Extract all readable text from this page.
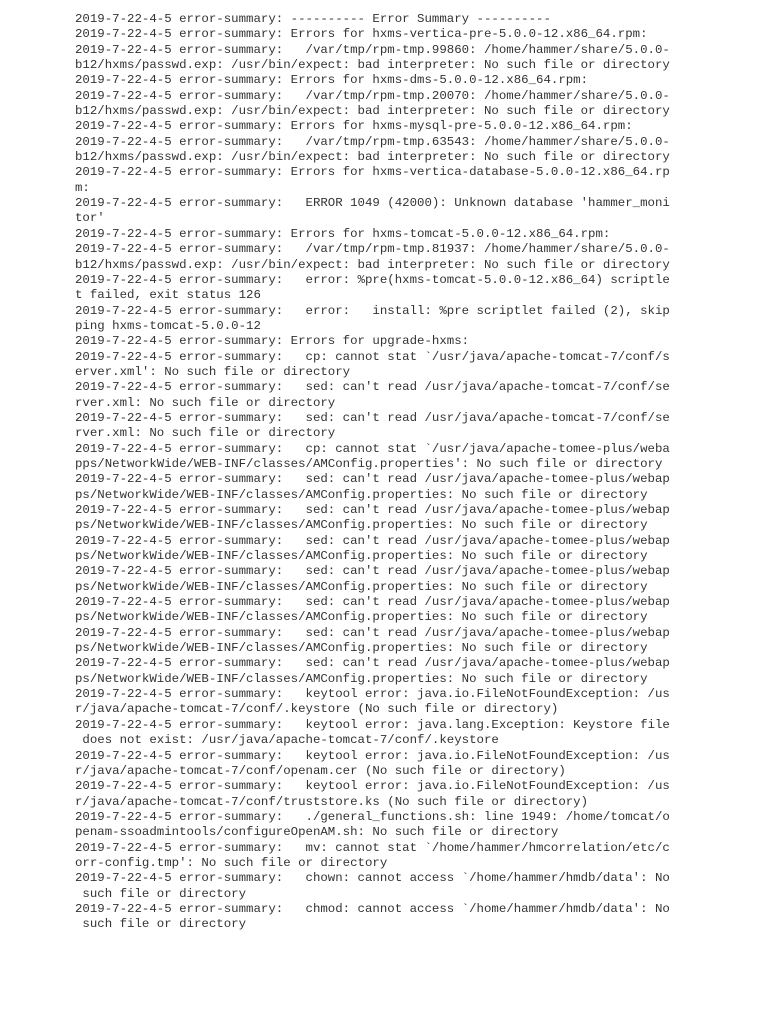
2019-7-22-4-5 error-summary: ---------- Error Summary ----------
2019-7-22-4-5 error-summary: Errors for hxms-vertica-pre-5.0.0-12.x86_64.rpm:
2019-7-22-4-5 error-summary:   /var/tmp/rpm-tmp.99860: /home/hammer/share/5.0.0-
b12/hxms/passwd.exp: /usr/bin/expect: bad interpreter: No such file or directory
2019-7-22-4-5 error-summary: Errors for hxms-dms-5.0.0-12.x86_64.rpm:
2019-7-22-4-5 error-summary:   /var/tmp/rpm-tmp.20070: /home/hammer/share/5.0.0-
b12/hxms/passwd.exp: /usr/bin/expect: bad interpreter: No such file or directory
2019-7-22-4-5 error-summary: Errors for hxms-mysql-pre-5.0.0-12.x86_64.rpm:
2019-7-22-4-5 error-summary:   /var/tmp/rpm-tmp.63543: /home/hammer/share/5.0.0-
b12/hxms/passwd.exp: /usr/bin/expect: bad interpreter: No such file or directory
2019-7-22-4-5 error-summary: Errors for hxms-vertica-database-5.0.0-12.x86_64.rp
m:
2019-7-22-4-5 error-summary:   ERROR 1049 (42000): Unknown database 'hammer_moni
tor'
2019-7-22-4-5 error-summary: Errors for hxms-tomcat-5.0.0-12.x86_64.rpm:
2019-7-22-4-5 error-summary:   /var/tmp/rpm-tmp.81937: /home/hammer/share/5.0.0-
b12/hxms/passwd.exp: /usr/bin/expect: bad interpreter: No such file or directory
2019-7-22-4-5 error-summary:   error: %pre(hxms-tomcat-5.0.0-12.x86_64) scriptle
t failed, exit status 126
2019-7-22-4-5 error-summary:   error:   install: %pre scriptlet failed (2), skip
ping hxms-tomcat-5.0.0-12
2019-7-22-4-5 error-summary: Errors for upgrade-hxms:
2019-7-22-4-5 error-summary:   cp: cannot stat `/usr/java/apache-tomcat-7/conf/s
erver.xml': No such file or directory
2019-7-22-4-5 error-summary:   sed: can't read /usr/java/apache-tomcat-7/conf/se
rver.xml: No such file or directory
2019-7-22-4-5 error-summary:   sed: can't read /usr/java/apache-tomcat-7/conf/se
rver.xml: No such file or directory
2019-7-22-4-5 error-summary:   cp: cannot stat `/usr/java/apache-tomee-plus/weba
pps/NetworkWide/WEB-INF/classes/AMConfig.properties': No such file or directory
2019-7-22-4-5 error-summary:   sed: can't read /usr/java/apache-tomee-plus/webap
ps/NetworkWide/WEB-INF/classes/AMConfig.properties: No such file or directory
2019-7-22-4-5 error-summary:   sed: can't read /usr/java/apache-tomee-plus/webap
ps/NetworkWide/WEB-INF/classes/AMConfig.properties: No such file or directory
2019-7-22-4-5 error-summary:   sed: can't read /usr/java/apache-tomee-plus/webap
ps/NetworkWide/WEB-INF/classes/AMConfig.properties: No such file or directory
2019-7-22-4-5 error-summary:   sed: can't read /usr/java/apache-tomee-plus/webap
ps/NetworkWide/WEB-INF/classes/AMConfig.properties: No such file or directory
2019-7-22-4-5 error-summary:   sed: can't read /usr/java/apache-tomee-plus/webap
ps/NetworkWide/WEB-INF/classes/AMConfig.properties: No such file or directory
2019-7-22-4-5 error-summary:   sed: can't read /usr/java/apache-tomee-plus/webap
ps/NetworkWide/WEB-INF/classes/AMConfig.properties: No such file or directory
2019-7-22-4-5 error-summary:   sed: can't read /usr/java/apache-tomee-plus/webap
ps/NetworkWide/WEB-INF/classes/AMConfig.properties: No such file or directory
2019-7-22-4-5 error-summary:   keytool error: java.io.FileNotFoundException: /us
r/java/apache-tomcat-7/conf/.keystore (No such file or directory)
2019-7-22-4-5 error-summary:   keytool error: java.lang.Exception: Keystore file
does not exist: /usr/java/apache-tomcat-7/conf/.keystore
2019-7-22-4-5 error-summary:   keytool error: java.io.FileNotFoundException: /us
r/java/apache-tomcat-7/conf/openam.cer (No such file or directory)
2019-7-22-4-5 error-summary:   keytool error: java.io.FileNotFoundException: /us
r/java/apache-tomcat-7/conf/truststore.ks (No such file or directory)
2019-7-22-4-5 error-summary:   ./general_functions.sh: line 1949: /home/tomcat/o
penam-ssoadmintools/configureOpenAM.sh: No such file or directory
2019-7-22-4-5 error-summary:   mv: cannot stat `/home/hammer/hmcorrelation/etc/c
orr-config.tmp': No such file or directory
2019-7-22-4-5 error-summary:   chown: cannot access `/home/hammer/hmdb/data': No
such file or directory
2019-7-22-4-5 error-summary:   chmod: cannot access `/home/hammer/hmdb/data': No
such file or directory
